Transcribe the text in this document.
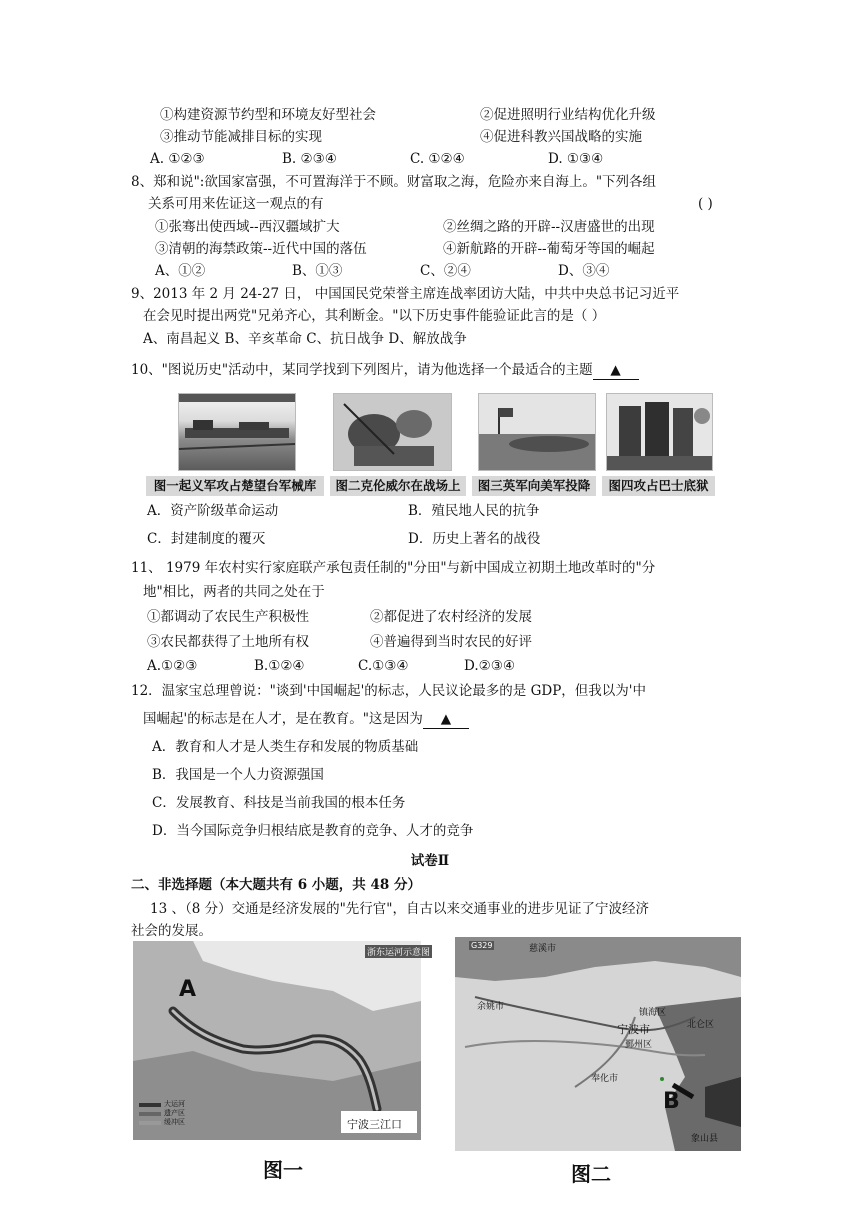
①构建资源节约型和环境友好型社会	②促进照明行业结构优化升级
③推动节能减排目标的实现	④促进科教兴国战略的实施
A. ①②③	B. ②③④	C. ①②④	D. ①③④
8、郑和说":欲国家富强，不可置海洋于不顾。财富取之海，危险亦来自海上。"下列各组
关系可用来佐证这一观点的有	( )
①张骞出使西域--西汉疆域扩大	②丝绸之路的开辟--汉唐盛世的出现
③清朝的海禁政策--近代中国的落伍	④新航路的开辟--葡萄牙等国的崛起
A、①②	B、①③	C、②④	D、③④
9、2013 年 2 月 24-27 日， 中国国民党荣誉主席连战率团访大陆，中共中央总书记习近平
在会见时提出两党"兄弟齐心，其利断金。"以下历史事件能验证此言的是（ ）
A、南昌起义 B、辛亥革命 C、抗日战争 D、解放战争
10、"图说历史"活动中，某同学找到下列图片，请为他选择一个最适合的主题 ▲
图一起义军攻占楚望台军械库	图二克伦威尔在战场上	图三英军向美军投降	图四攻占巴士底狱
A．资产阶级革命运动	B．殖民地人民的抗争
C．封建制度的覆灭	D．历史上著名的战役
11、 1979 年农村实行家庭联产承包责任制的"分田"与新中国成立初期土地改革时的"分
地"相比，两者的共同之处在于
①都调动了农民生产积极性	②都促进了农村经济的发展
③农民都获得了土地所有权	④普遍得到当时农民的好评
A.①②③	B.①②④	C.①③④	D.②③④
12．温家宝总理曾说："谈到'中国崛起'的标志，人民议论最多的是 GDP，但我以为'中
国崛起'的标志是在人才，是在教育。"这是因为 ▲
A．教育和人才是人类生存和发展的物质基础
B．我国是一个人力资源强国
C．发展教育、科技是当前我国的根本任务
D．当今国际竞争归根结底是教育的竞争、人才的竞争
试卷Ⅱ
二、非选择题（本大题共有 6 小题，共 48 分）
13 、（8 分）交通是经济发展的"先行官"，自古以来交通事业的进步见证了宁波经济
社会的发展。
浙东运河示意图
A
大运河
遗产区
缓冲区	宁波三江口
图一
G329	慈溪市
余姚市
镇海区
北仑区
宁波市
鄞州区
奉化市
象山县
B
图二
